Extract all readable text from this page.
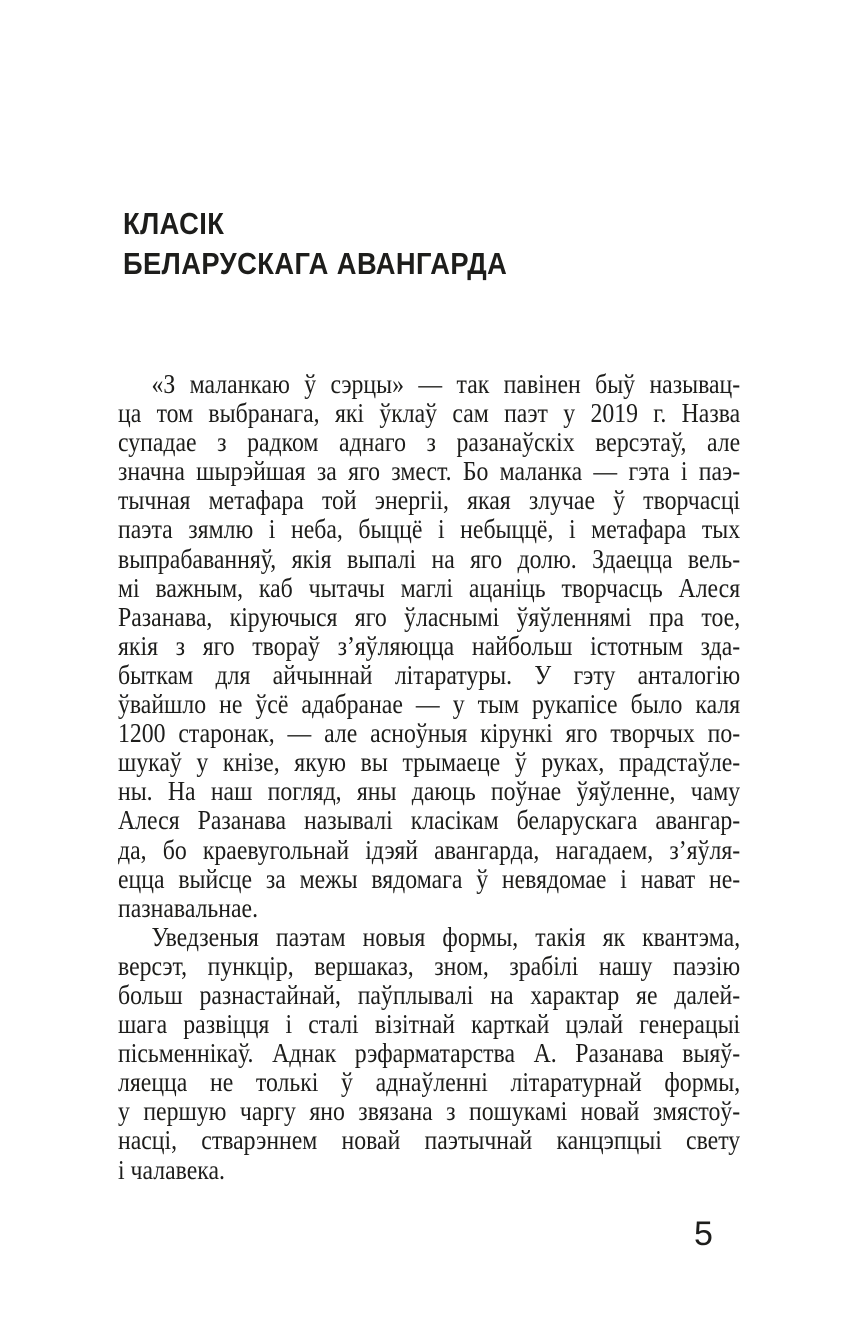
КЛАСІК
БЕЛАРУСКАГА АВАНГАРДА
«З маланкаю ў сэрцы» — так павінен быў называц-
ца том выбранага, які ўклаў сам паэт у 2019 г. Назва
супадае з радком аднаго з разанаўскіх версэтаў, але
значна шырэйшая за яго змест. Бо маланка — гэта і паэ-
тычная метафара той энергіі, якая злучае ў творчасці
паэта зямлю і неба, быццё і небыццё, і метафара тых
выпрабаванняў, якія выпалі на яго долю. Здаецца вель-
мі важным, каб чытачы маглі ацаніць творчасць Алеся
Разанава, кіруючыся яго ўласнымі ўяўленнямі пра тое,
якія з яго твораў з’яўляюцца найбольш істотным зда-
быткам для айчыннай літаратуры. У гэту анталогію
ўвайшло не ўсё адабранае — у тым рукапісе было каля
1200 старонак, — але асноўныя кірункі яго творчых по-
шукаў у кнізе, якую вы трымаеце ў руках, прадстаўле-
ны. На наш погляд, яны даюць поўнае ўяўленне, чаму
Алеся Разанава называлі класікам беларускага авангар-
да, бо краевугольнай ідэяй авангарда, нагадаем, з’яўля-
ецца выйсце за межы вядомага ў невядомае і нават не-
пазнавальнае.
Уведзеныя паэтам новыя формы, такія як квантэма,
версэт, пункцір, вершаказ, зном, зрабілі нашу паэзію
больш разнастайнай, паўплывалі на характар яе далей-
шага развіцця і сталі візітнай карткай цэлай генерацыі
пісьменнікаў. Аднак рэфарматарства А. Разанава выяў-
ляецца не толькі ў аднаўленні літаратурнай формы,
у першую чаргу яно звязана з пошукамі новай змястоў-
насці, стварэннем новай паэтычнай канцэпцыі свету
і чалавека.
5
